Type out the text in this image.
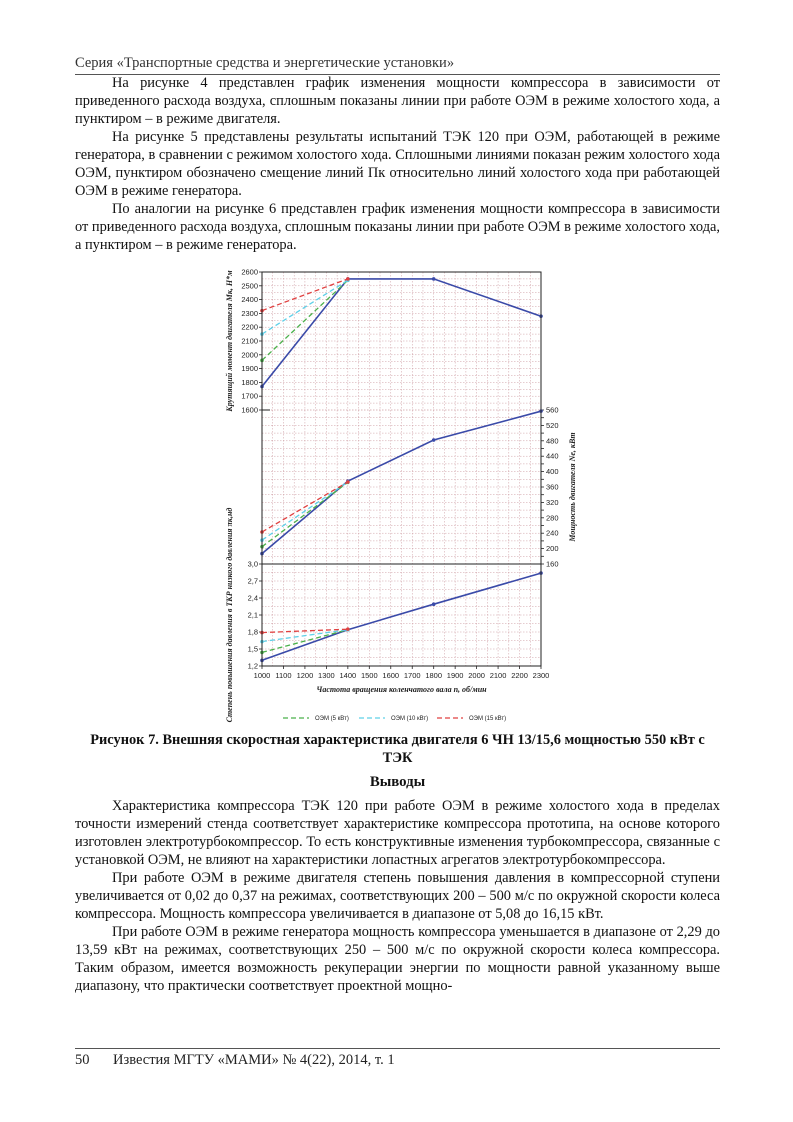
Серия «Транспортные средства и энергетические установки»

На рисунке 4 представлен график изменения мощности компрессора в зависимости от приведенного расхода воздуха, сплошным показаны линии при работе ОЭМ в режиме холостого хода, а пунктиром – в режиме двигателя.

На рисунке 5 представлены результаты испытаний ТЭК 120 при ОЭМ, работающей в режиме генератора, в сравнении с режимом холостого хода. Сплошными линиями показан режим холостого хода ОЭМ, пунктиром обозначено смещение линий Пк относительно линий холостого хода при работающей ОЭМ в режиме генератора.

По аналогии на рисунке 6 представлен график изменения мощности компрессора в зависимости от приведенного расхода воздуха, сплошным показаны линии при работе ОЭМ в режиме холостого хода, а пунктиром – в режиме генератора.

1600
1700
1800
1900
2000
2100
2200
2300
2400
2500
2600
Крутящий момент двигателя Mк, Н*м
160
200
240
280
320
360
400
440
480
520
560
Мощность двигателя Ne, кВт
1,2
1,5
1,8
2,1
2,4
2,7
3,0
Степень повышения давления в ТКР низкого давления πк,нд	1000 1100 1200 1300 1400 1500 1600 1700 1800 1900 2000 2100 2200 2300
Частота вращения коленчатого вала n, об/мин
ОЭМ (5 кВт)	ОЭМ (10 кВт)	ОЭМ (15 кВт)
Рисунок 7. Внешняя скоростная характеристика двигателя 6 ЧН 13/15,6 мощностью 550 кВт с ТЭК
Выводы

Характеристика компрессора ТЭК 120 при работе ОЭМ в режиме холостого хода в пределах точности измерений стенда соответствует характеристике компрессора прототипа, на основе которого изготовлен электротурбокомпрессор. То есть конструктивные изменения турбокомпрессора, связанные с установкой ОЭМ, не влияют на характеристики лопастных агрегатов электротурбокомпрессора.

При работе ОЭМ в режиме двигателя степень повышения давления в компрессорной ступени увеличивается от 0,02 до 0,37 на режимах, соответствующих 200 – 500 м/с по окружной скорости колеса компрессора. Мощность компрессора увеличивается в диапазоне от 5,08 до 16,15 кВт.

При работе ОЭМ в режиме генератора мощность компрессора уменьшается в диапазоне от 2,29 до 13,59 кВт на режимах, соответствующих 250 – 500 м/с по окружной скорости колеса компрессора. Таким образом, имеется возможность рекуперации энергии по мощности равной указанному выше диапазону, что практически соответствует проектной мощно-

50 Известия МГТУ «МАМИ» № 4(22), 2014, т. 1
